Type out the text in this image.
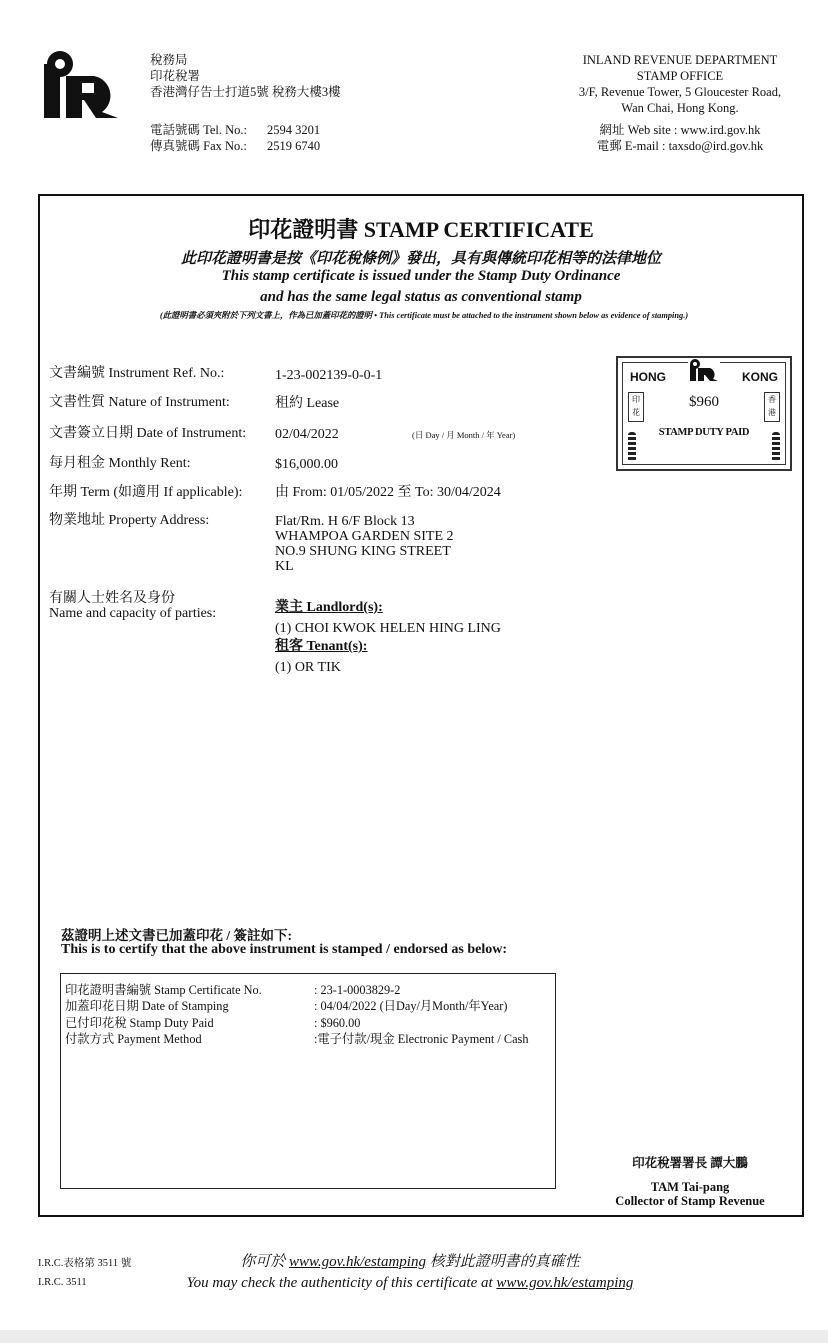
稅務局
印花稅署
香港灣仔告士打道5號 稅務大樓3樓
電話號碼 Tel. No.: 2594 3201
傳真號碼 Fax No.: 2519 6740
INLAND REVENUE DEPARTMENT
STAMP OFFICE
3/F, Revenue Tower, 5 Gloucester Road,
Wan Chai, Hong Kong.
網址 Web site : www.ird.gov.hk
電郵 E-mail : taxsdo@ird.gov.hk
印花證明書 STAMP CERTIFICATE
此印花證明書是按《印花稅條例》發出，具有與傳統印花相等的法律地位
This stamp certificate is issued under the Stamp Duty Ordinance
and has the same legal status as conventional stamp
(此證明書必須夾附於下列文書上，作為已加蓋印花的證明 • This certificate must be attached to the instrument shown below as evidence of stamping.)
文書編號 Instrument Ref. No.:	1-23-002139-0-0-1
文書性質 Nature of Instrument:	租約 Lease
文書簽立日期 Date of Instrument: 02/04/2022	(日 Day / 月 Month / 年 Year)
每月租金 Monthly Rent:	$16,000.00
年期 Term (如適用 If applicable): 由 From: 01/05/2022 至 To: 30/04/2024
物業地址 Property Address:	Flat/Rm. H 6/F Block 13
WHAMPOA GARDEN SITE 2
NO.9 SHUNG KING STREET
KL
有關人士姓名及身份
Name and capacity of parties:	業主 Landlord(s):
(1) CHOI KWOK HELEN HING LING
租客 Tenant(s):
(1) OR TIK
HONG	KONG
印花
香港
$960
STAMP DUTY PAID
茲證明上述文書已加蓋印花 / 簽註如下:
This is to certify that the above instrument is stamped / endorsed as below:
印花證明書編號 Stamp Certificate No.	: 23-1-0003829-2
加蓋印花日期 Date of Stamping	: 04/04/2022 (日Day/月Month/年Year)
已付印花稅 Stamp Duty Paid	: $960.00
付款方式 Payment Method	:電子付款/現金 Electronic Payment / Cash
印花稅署署長 譚大鵬
TAM Tai-pang
Collector of Stamp Revenue
I.R.C.表格第 3511 號
I.R.C. 3511
你可於 www.gov.hk/estamping 核對此證明書的真確性
You may check the authenticity of this certificate at www.gov.hk/estamping
